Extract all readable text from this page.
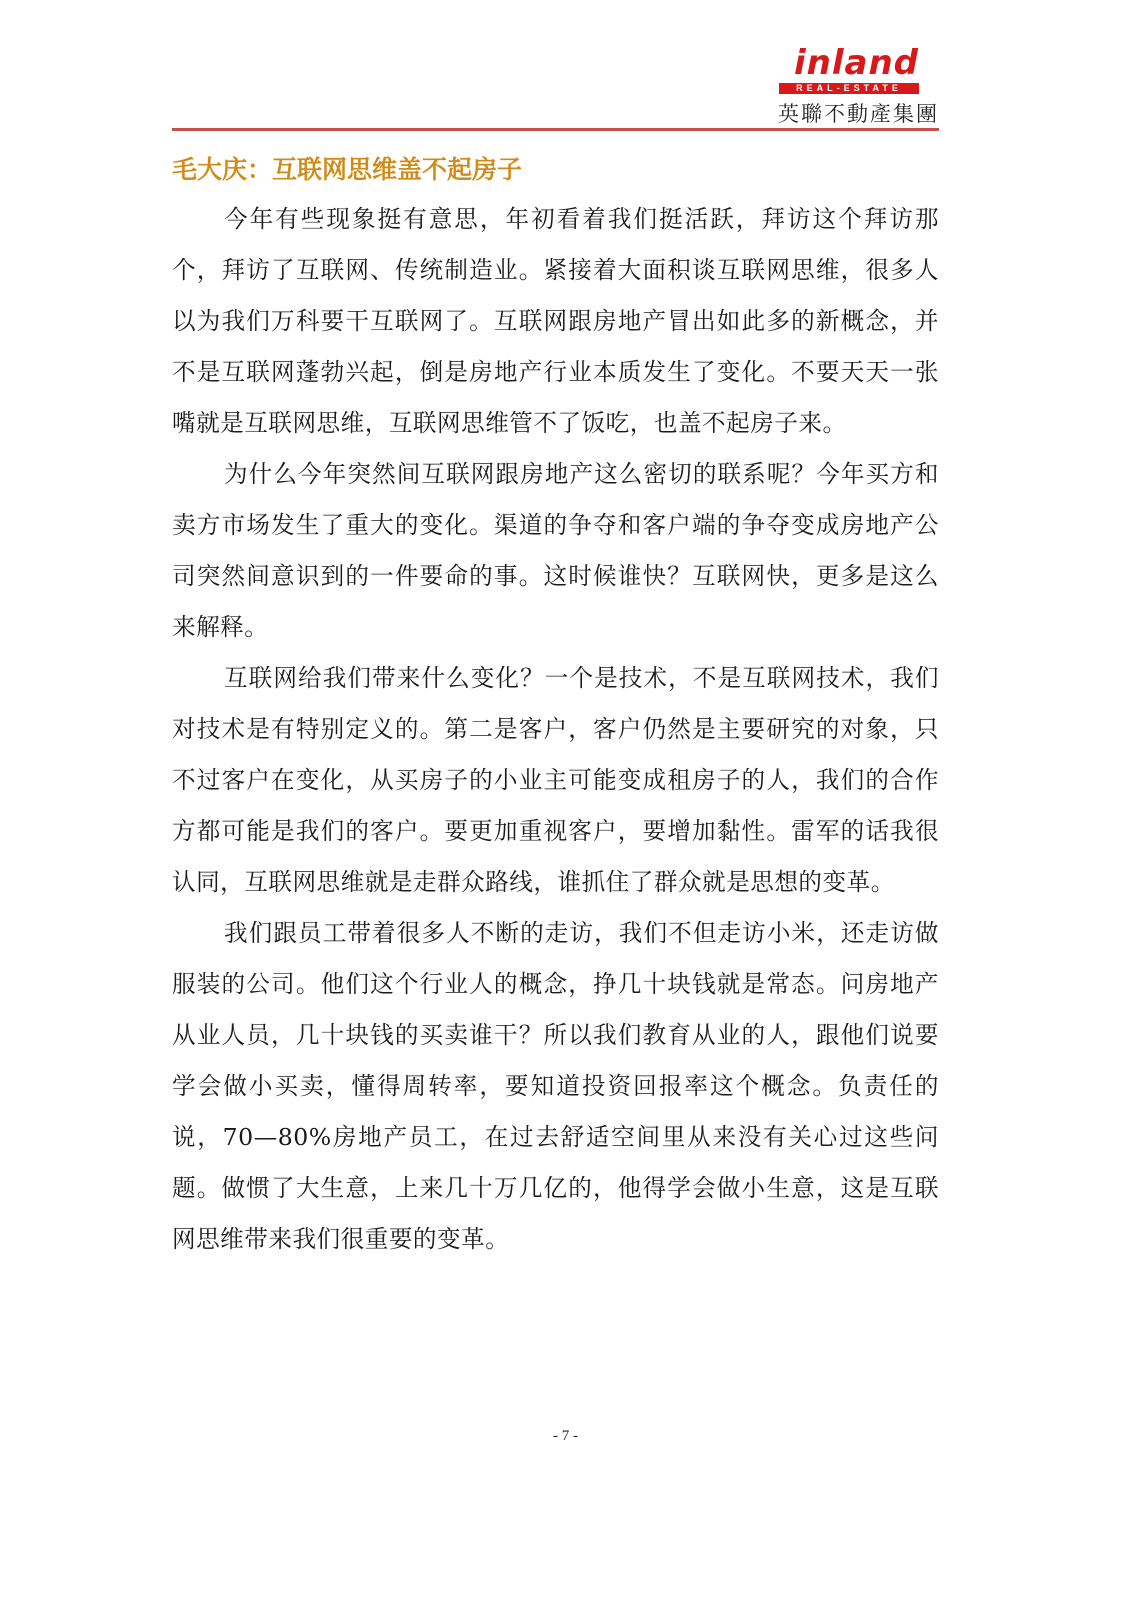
inland
REAL-ESTATE
英聯不動產集團
毛大庆：互联网思维盖不起房子

今年有些现象挺有意思，年初看着我们挺活跃，拜访这个拜访那个，拜访了互联网、传统制造业。紧接着大面积谈互联网思维，很多人以为我们万科要干互联网了。互联网跟房地产冒出如此多的新概念，并不是互联网蓬勃兴起，倒是房地产行业本质发生了变化。不要天天一张嘴就是互联网思维，互联网思维管不了饭吃，也盖不起房子来。

为什么今年突然间互联网跟房地产这么密切的联系呢？今年买方和卖方市场发生了重大的变化。渠道的争夺和客户端的争夺变成房地产公司突然间意识到的一件要命的事。这时候谁快？互联网快，更多是这么来解释。

互联网给我们带来什么变化？一个是技术，不是互联网技术，我们对技术是有特别定义的。第二是客户，客户仍然是主要研究的对象，只不过客户在变化，从买房子的小业主可能变成租房子的人，我们的合作方都可能是我们的客户。要更加重视客户，要增加黏性。雷军的话我很认同，互联网思维就是走群众路线，谁抓住了群众就是思想的变革。

我们跟员工带着很多人不断的走访，我们不但走访小米，还走访做服装的公司。他们这个行业人的概念，挣几十块钱就是常态。问房地产从业人员，几十块钱的买卖谁干？所以我们教育从业的人，跟他们说要学会做小买卖，懂得周转率，要知道投资回报率这个概念。负责任的说，70—80%房地产员工，在过去舒适空间里从来没有关心过这些问题。做惯了大生意，上来几十万几亿的，他得学会做小生意，这是互联网思维带来我们很重要的变革。

- 7 -
